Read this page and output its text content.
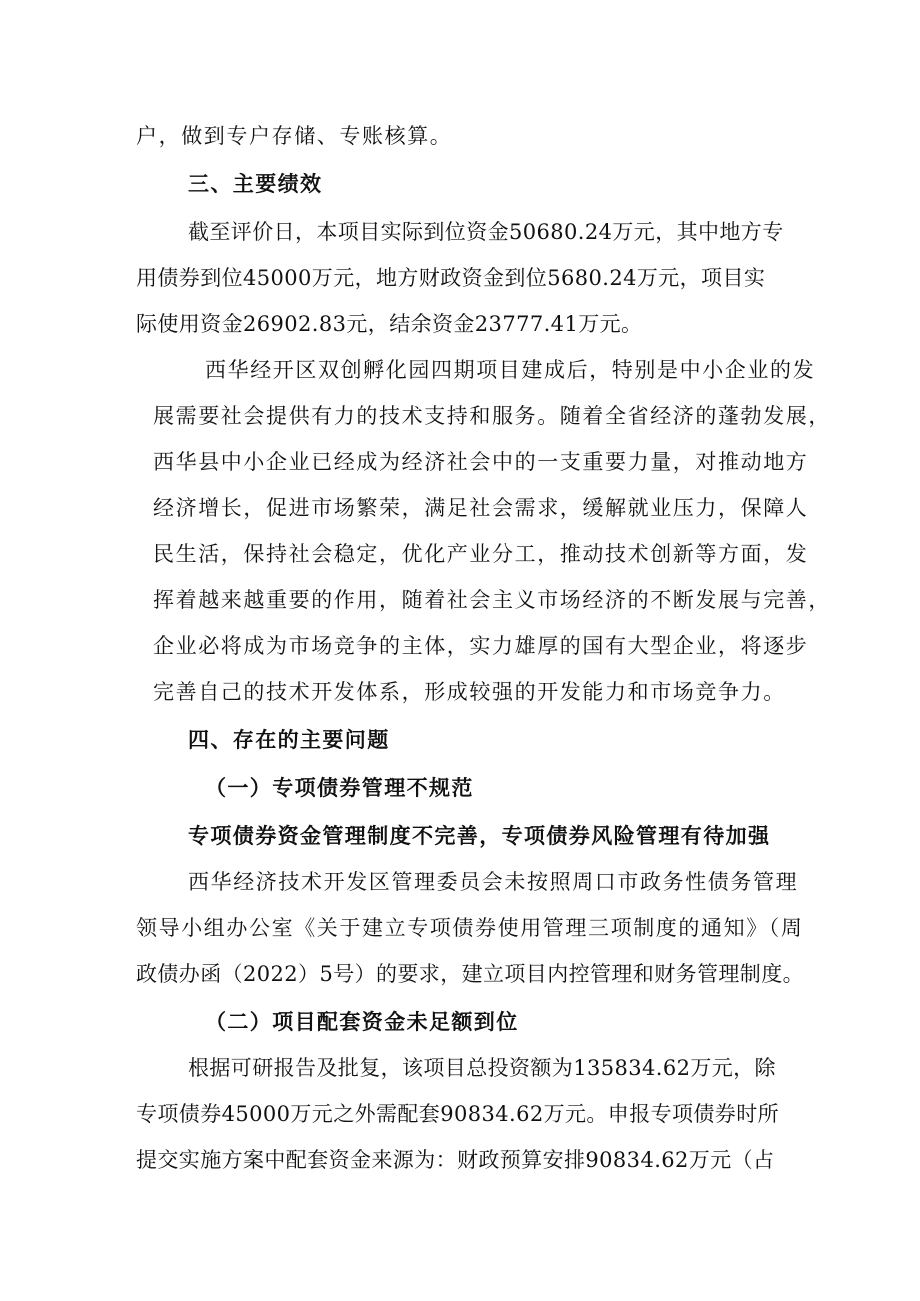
户，做到专户存储、专账核算。
三、主要绩效
截至评价日，本项目实际到位资金50680.24万元，其中地方专
用债券到位45000万元，地方财政资金到位5680.24万元，项目实
际使用资金26902.83元，结余资金23777.41万元。
西华经开区双创孵化园四期项目建成后，特别是中小企业的发
展需要社会提供有力的技术支持和服务。随着全省经济的蓬勃发展，
西华县中小企业已经成为经济社会中的一支重要力量，对推动地方
经济增长，促进市场繁荣，满足社会需求，缓解就业压力，保障人
民生活，保持社会稳定，优化产业分工，推动技术创新等方面，发
挥着越来越重要的作用，随着社会主义市场经济的不断发展与完善，
企业必将成为市场竞争的主体，实力雄厚的国有大型企业，将逐步
完善自己的技术开发体系，形成较强的开发能力和市场竞争力。
四、存在的主要问题
（一）专项债券管理不规范
专项债券资金管理制度不完善，专项债券风险管理有待加强
西华经济技术开发区管理委员会未按照周口市政务性债务管理
领导小组办公室《关于建立专项债券使用管理三项制度的通知》（周
政债办函（2022）5号）的要求，建立项目内控管理和财务管理制度。
（二）项目配套资金未足额到位
根据可研报告及批复，该项目总投资额为135834.62万元，除
专项债券45000万元之外需配套90834.62万元。申报专项债券时所
提交实施方案中配套资金来源为：财政预算安排90834.62万元（占
